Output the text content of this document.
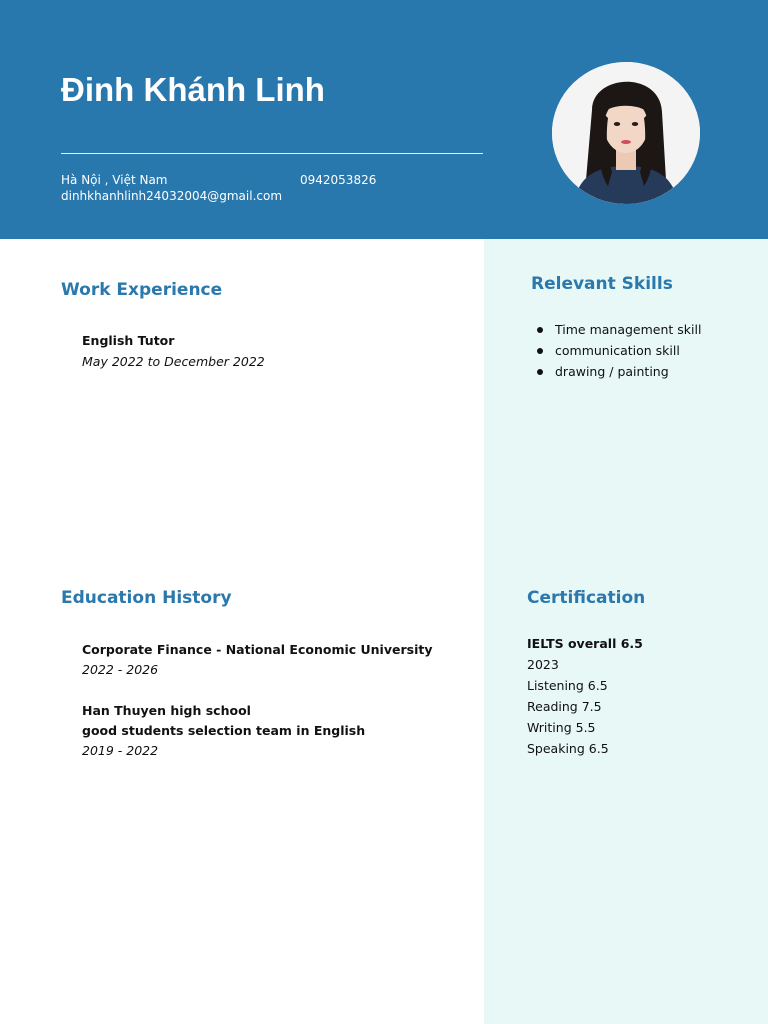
Đinh Khánh Linh
Hà Nội , Việt Nam	0942053826
dinhkhanhlinh24032004@gmail.com
Work Experience
English Tutor
May 2022 to December 2022
Education History
Corporate Finance - National Economic University
2022 - 2026
Han Thuyen high school
good students selection team in English
2019 - 2022
Relevant Skills
Time management skill
communication skill
drawing / painting
Certification
IELTS overall 6.5
2023
Listening 6.5
Reading 7.5
Writing 5.5
Speaking 6.5
